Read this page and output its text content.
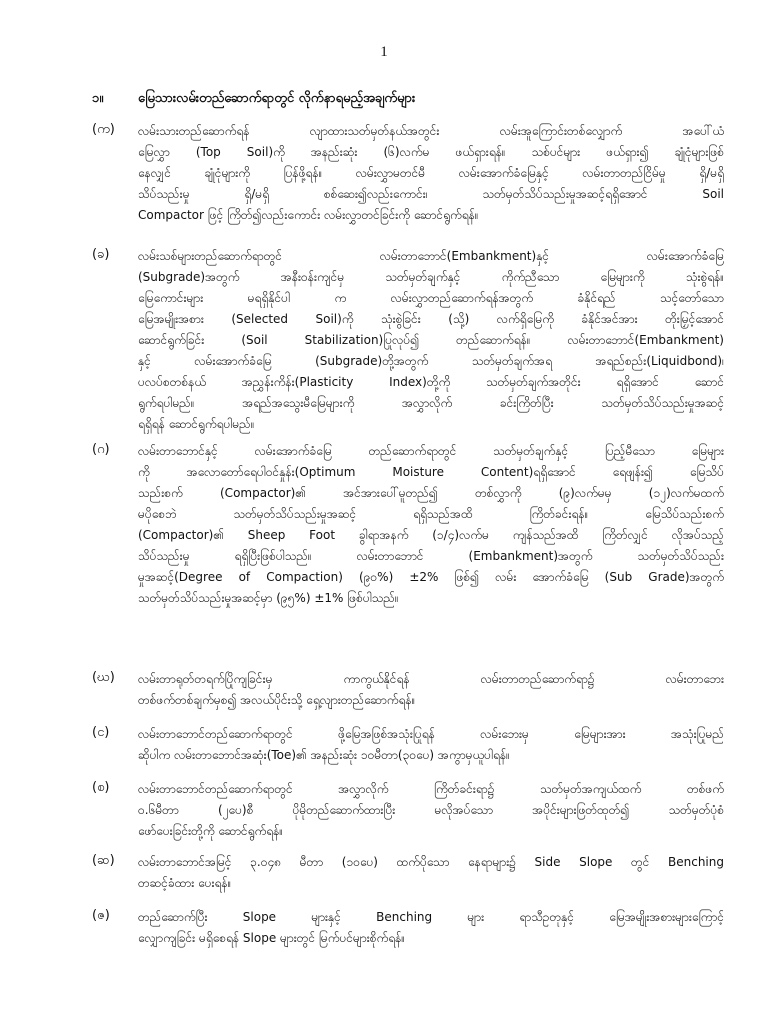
1
၁။	မြေသားလမ်းတည်ဆောက်ရာတွင် လိုက်နာရမည့်အချက်များ
(က) လမ်းသားတည်ဆောက်ရန် လျာထားသတ်မှတ်နယ်အတွင်း လမ်းအူကြောင်းတစ်လျှောက် အပေါ်ယံ
မြေလွှာ (Top Soil)ကို အနည်းဆုံး (၆)လက်မ ဖယ်ရှားရန်။ သစ်ပင်များ ဖယ်ရှား၍ ချုံငုံများဖြစ်
နေလျှင် ချုံငုံများကို ပြန်ဖို့ရန်။ လမ်းလွှာမတင်မီ လမ်းအောက်ခံမြေနှင့် လမ်းတာတည်ငြိမ်မှု ရှိ/မရှိ
သိပ်သည်းမှု ရှိ/မရှိ စစ်ဆေး၍လည်းကောင်း၊ သတ်မှတ်သိပ်သည်းမှုအဆင့်ရရှိအောင် Soil
Compactor ဖြင့် ကြိတ်၍လည်းကောင်း လမ်းလွှာတင်ခြင်းကို ဆောင်ရွက်ရန်။
(ခ) လမ်းသစ်များတည်ဆောက်ရာတွင် လမ်းတာဘောင်(Embankment)နှင့် လမ်းအောက်ခံမြေ
(Subgrade)အတွက် အနီးဝန်းကျင်မှ သတ်မှတ်ချက်နှင့် ကိုက်ညီသော မြေများကို သုံးစွဲရန်။
မြေကောင်းများ မရရှိနိုင်ပါ က လမ်းလွှာတည်ဆောက်ရန်အတွက် ခံနိုင်ရည် သင့်တော်သော
မြေအမျိုးအစား (Selected Soil)ကို သုံးစွဲခြင်း (သို့) လက်ရှိမြေကို ခံနိုင်အင်အား တိုးမြှင့်အောင်
ဆောင်ရွက်ခြင်း (Soil Stabilization)ပြုလုပ်၍ တည်ဆောက်ရန်။ လမ်းတာဘောင်(Embankment)
နှင့် လမ်းအောက်ခံမြေ (Subgrade)တို့အတွက် သတ်မှတ်ချက်အရ အရည်စည်း(Liquidbond)၊
ပလပ်စတစ်နယ် အညွှန်းကိန်း(Plasticity Index)တို့ကို သတ်မှတ်ချက်အတိုင်း ရရှိအောင် ဆောင်
ရွက်ရပါမည်။ အရည်အသွေးမီမြေများကို အလွှာလိုက် ခင်းကြိတ်ပြီး သတ်မှတ်သိပ်သည်းမှုအဆင့်
ရရှိရန် ဆောင်ရွက်ရပါမည်။
(ဂ) လမ်းတာဘောင်နှင့် လမ်းအောက်ခံမြေ တည်ဆောက်ရာတွင် သတ်မှတ်ချက်နှင့် ပြည့်မီသော မြေများ
ကို အလောတော်ရေပါဝင်နှုန်း(Optimum Moisture Content)ရရှိအောင် ရေဖျန်း၍ မြေသိပ်
သည်းစက် (Compactor)၏ အင်အားပေါ်မူတည်၍ တစ်လွှာကို (၉)လက်မမှ (၁၂)လက်မထက်
မပိုစေဘဲ သတ်မှတ်သိပ်သည်းမှုအဆင့် ရရှိသည်အထိ ကြိတ်ခင်းရန်။ မြေသိပ်သည်းစက်
(Compactor)၏ Sheep Foot ခွါရာအနက် (၁/၄)လက်မ ကျန်သည်အထိ ကြိတ်လျှင် လိုအပ်သည့်
သိပ်သည်းမှု ရရှိပြီးဖြစ်ပါသည်။ လမ်းတာဘောင် (Embankment)အတွက် သတ်မှတ်သိပ်သည်း
မှုအဆင့်(Degree of Compaction) (၉၀%) ±2% ဖြစ်၍ လမ်း အောက်ခံမြေ (Sub Grade)အတွက်
သတ်မှတ်သိပ်သည်းမှုအဆင့်မှာ (၉၅%) ±1% ဖြစ်ပါသည်။
(ဃ) လမ်းတာရုတ်တရက်ပြိုကျခြင်းမှ ကာကွယ်နိုင်ရန် လမ်းတာတည်ဆောက်ရာ၌ လမ်းတာဘေး
တစ်ဖက်တစ်ချက်မှစ၍ အလယ်ပိုင်းသို့ ရှေ့လျားတည်ဆောက်ရန်။
(င) လမ်းတာဘောင်တည်ဆောက်ရာတွင် ဖို့မြေအဖြစ်အသုံးပြုရန် လမ်းဘေးမှ မြေများအား အသုံးပြုမည်
ဆိုပါက လမ်းတာဘောင်အဆုံး(Toe)၏ အနည်းဆုံး ၁၀မီတာ(၃၀ပေ) အကွာမှယူပါရန်။
(စ) လမ်းတာဘောင်တည်ဆောက်ရာတွင် အလွှာလိုက် ကြိတ်ခင်းရာ၌ သတ်မှတ်အကျယ်ထက် တစ်ဖက်
၀.၆မီတာ (၂ပေ)စီ ပိုမိုတည်ဆောက်ထားပြီး မလိုအပ်သော အပိုင်းများဖြတ်ထုတ်၍ သတ်မှတ်ပုံစံ
ဖော်ပေးခြင်းတို့ကို ဆောင်ရွက်ရန်။
(ဆ) လမ်းတာဘောင်အမြင့် ၃.၀၄၈ မီတာ (၁၀ပေ) ထက်ပိုသော နေရာများ၌ Side Slope တွင် Benching
တဆင့်ခံထား ပေးရန်။
(ဇ) တည်ဆောက်ပြီး Slope များနှင့် Benching များ ရာသီဥတုနှင့် မြေအမျိုးအစားများကြောင့်
လျှောကျခြင်း မရှိစေရန် Slope များတွင် မြက်ပင်များစိုက်ရန်။
